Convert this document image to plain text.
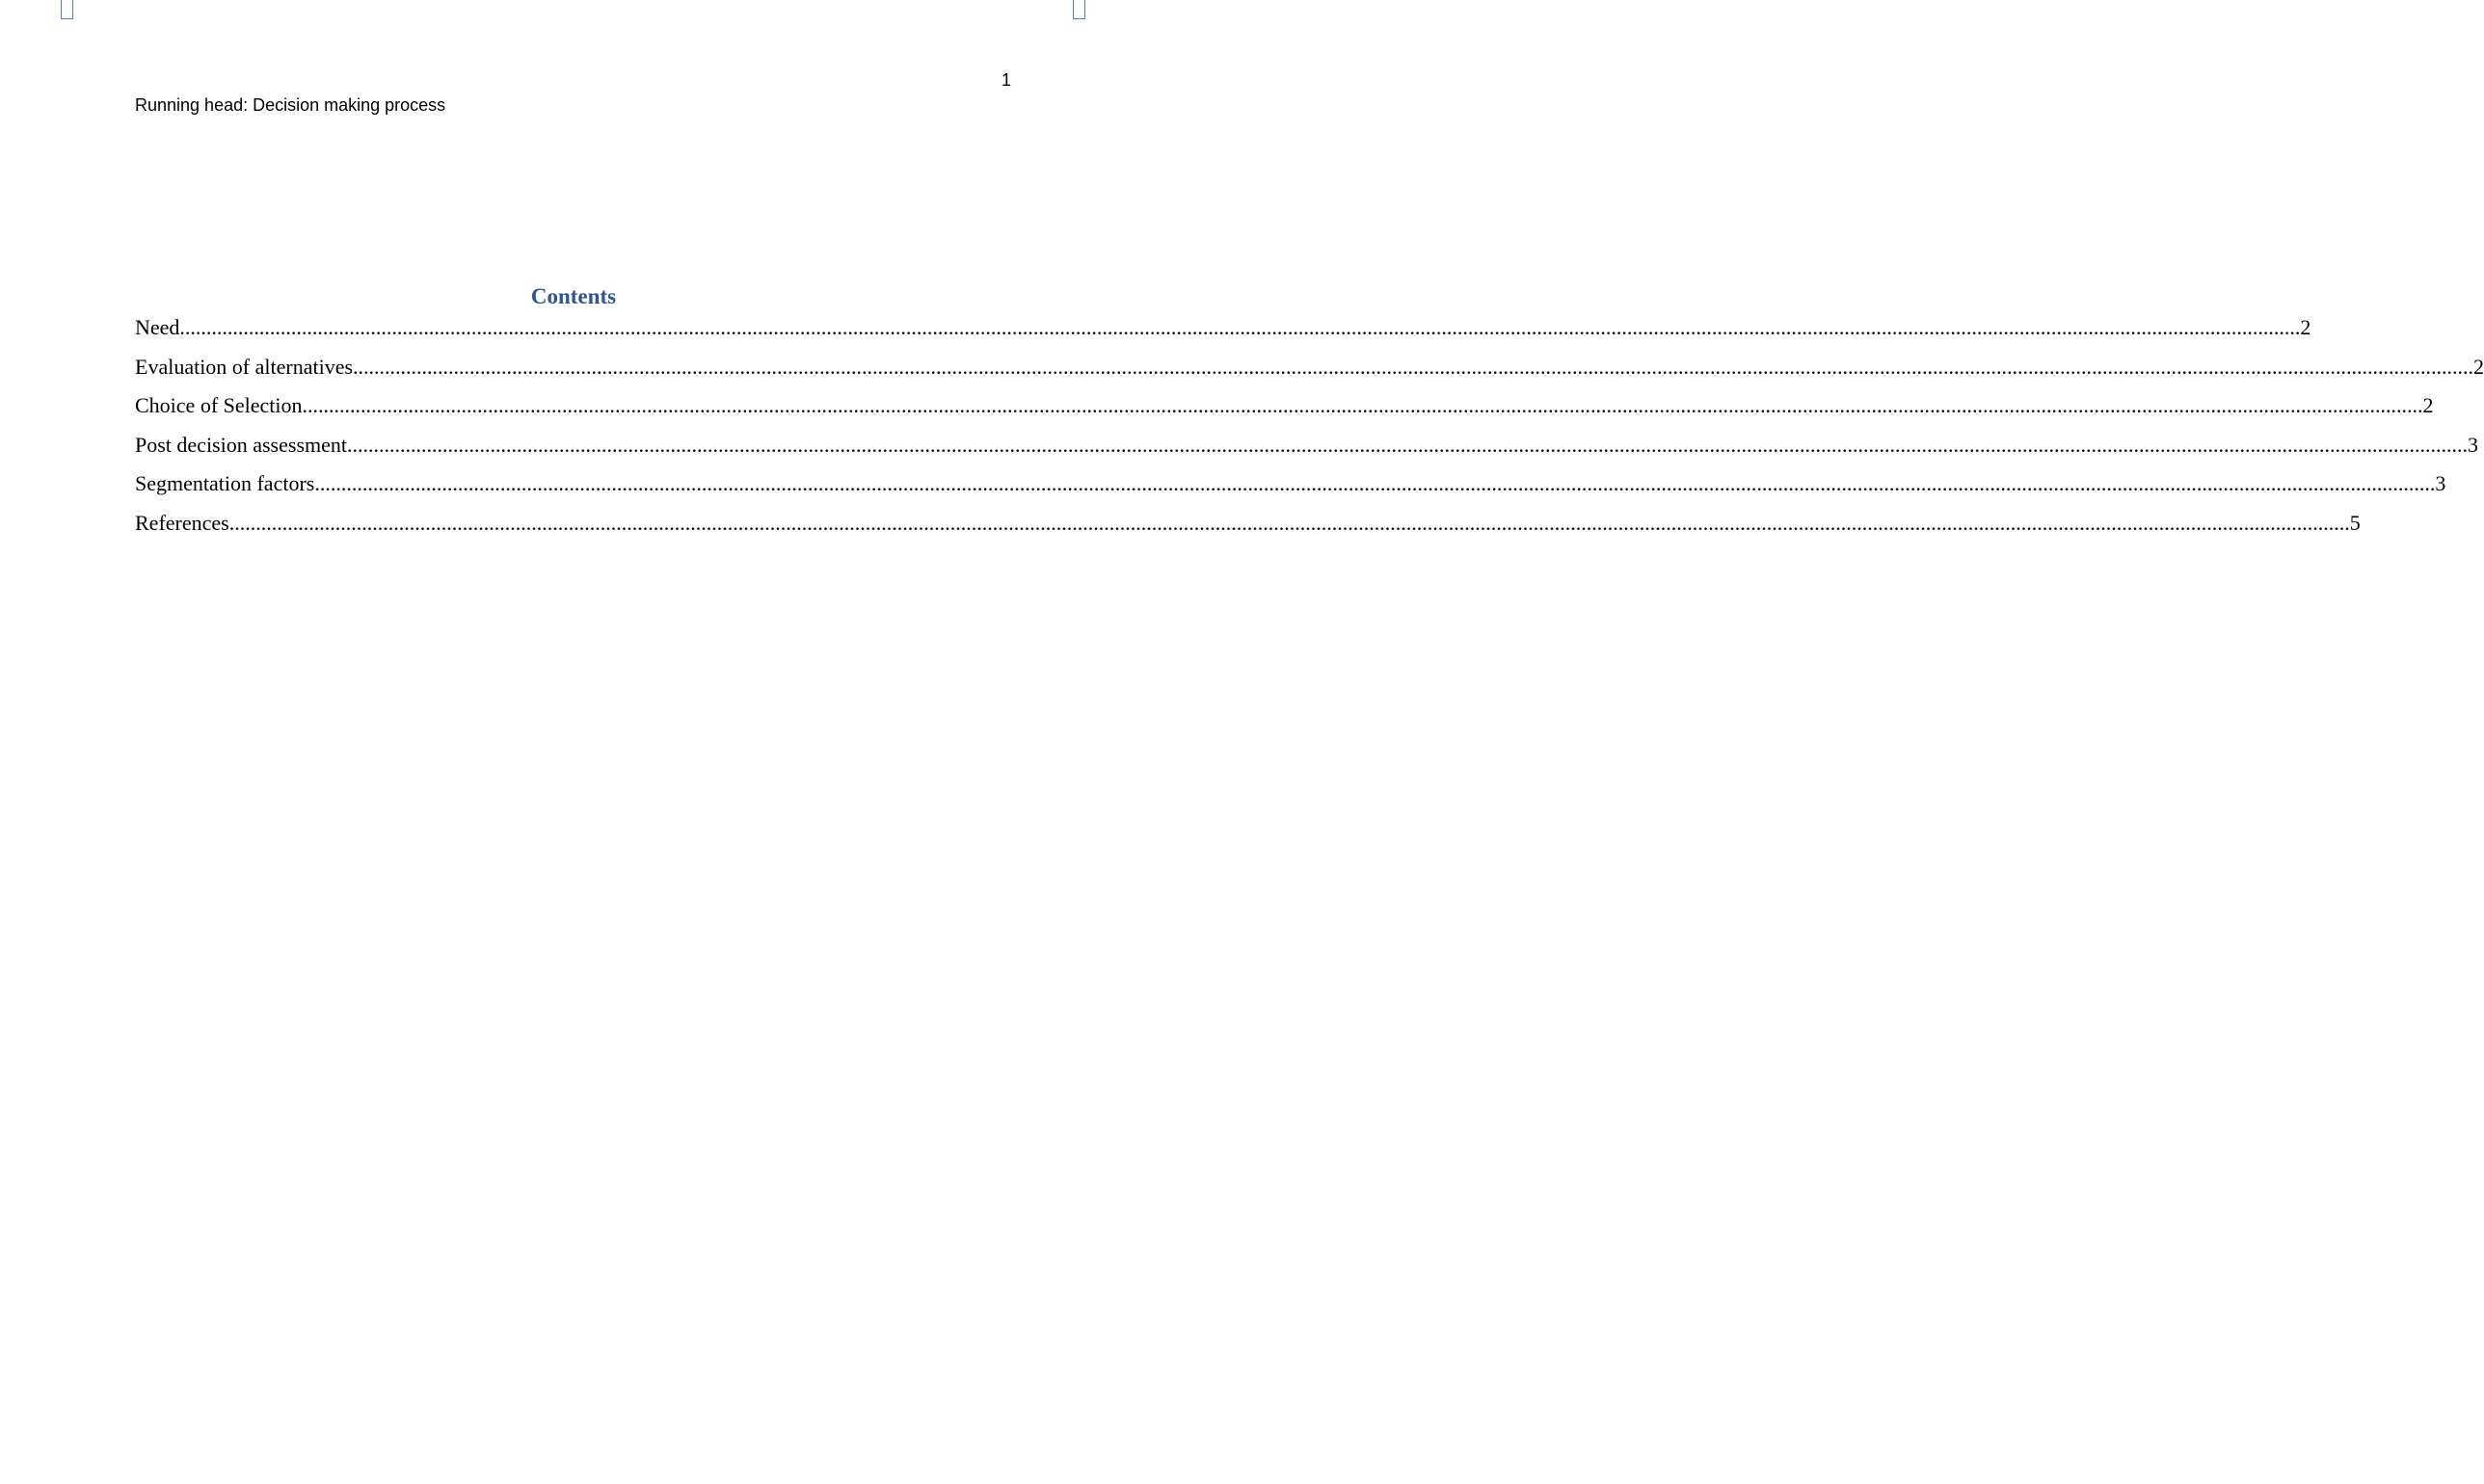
1
Running head: Decision making process
Contents
Need ................................................................................................................................................................................................................................................................................................................................................................................................................ 2
Evaluation of alternatives ................................................................................................................................................................................................................................................................................................................................................................................................................ 2
Choice of Selection ................................................................................................................................................................................................................................................................................................................................................................................................................ 2
Post decision assessment ................................................................................................................................................................................................................................................................................................................................................................................................................ 3
Segmentation factors ................................................................................................................................................................................................................................................................................................................................................................................................................ 3
References ................................................................................................................................................................................................................................................................................................................................................................................................................ 5
